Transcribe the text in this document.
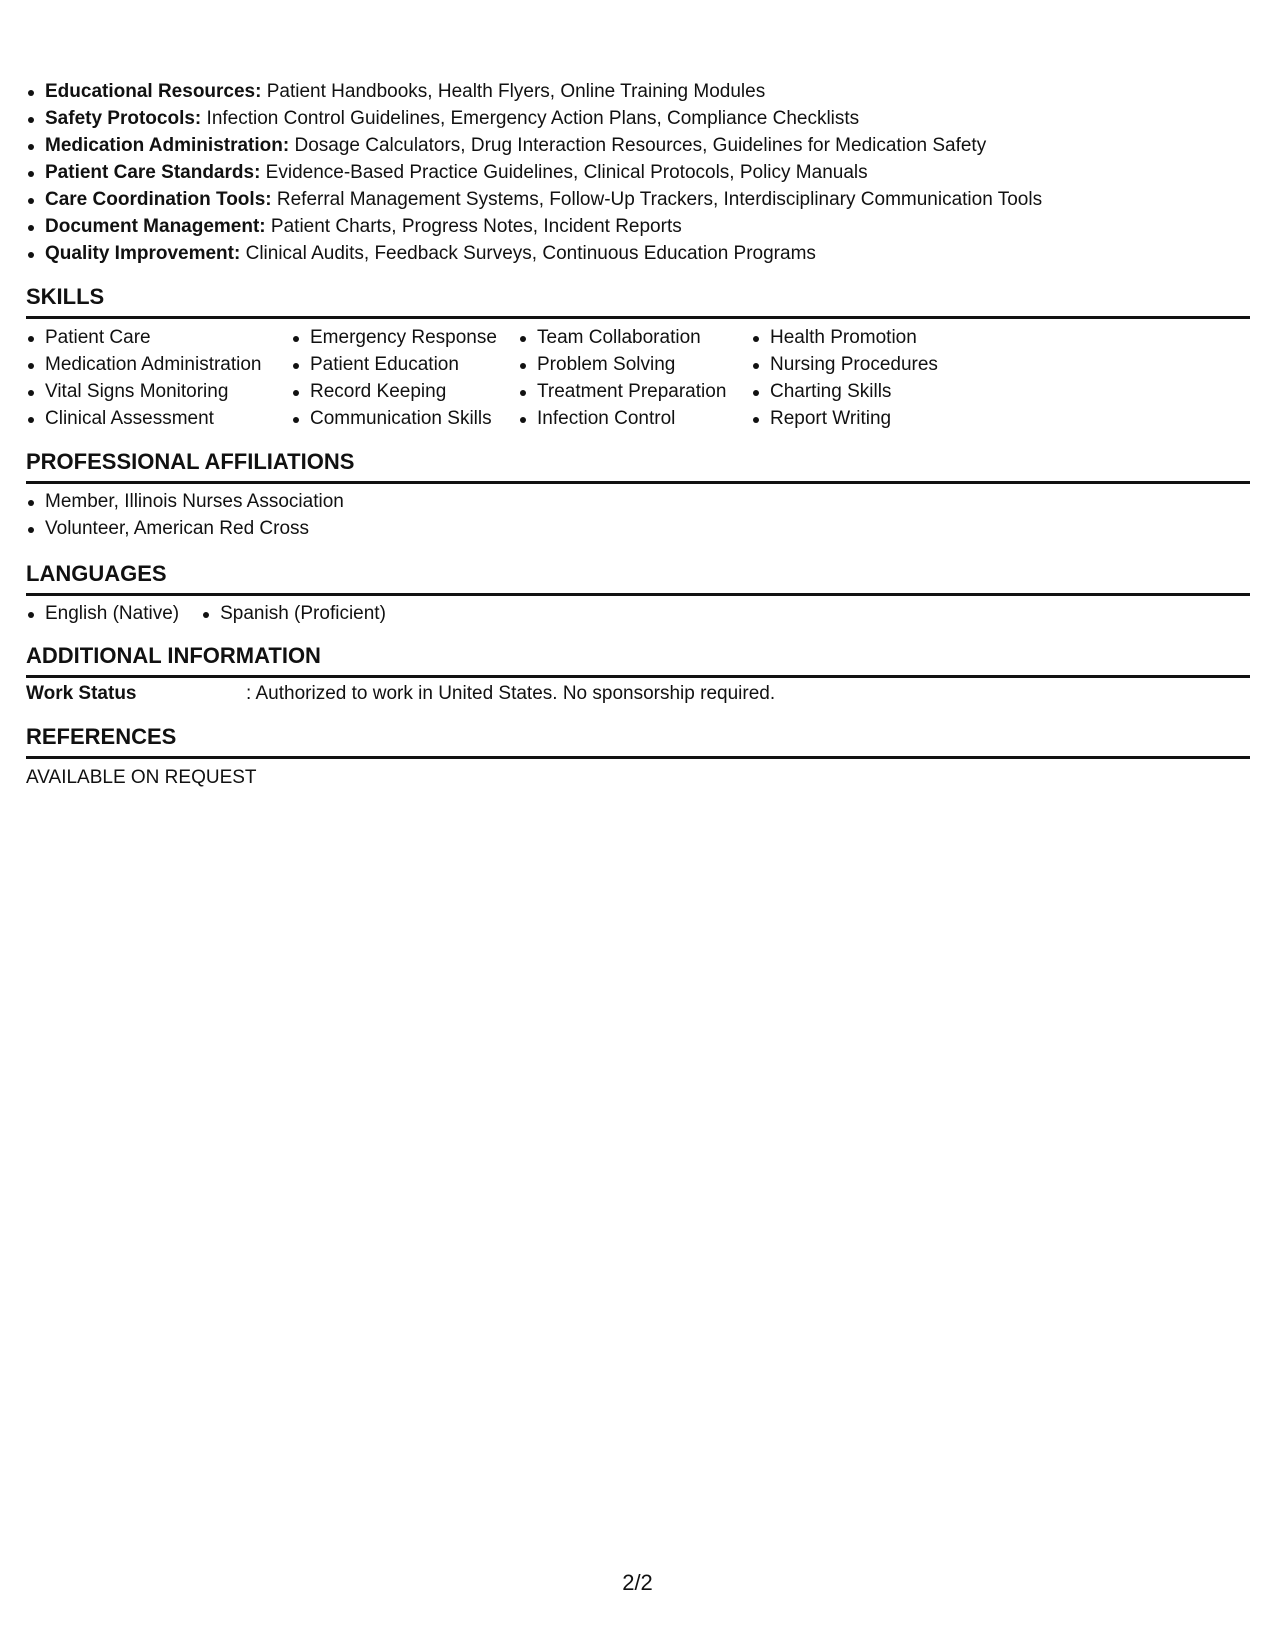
Educational Resources: Patient Handbooks, Health Flyers, Online Training Modules
Safety Protocols: Infection Control Guidelines, Emergency Action Plans, Compliance Checklists
Medication Administration: Dosage Calculators, Drug Interaction Resources, Guidelines for Medication Safety
Patient Care Standards: Evidence-Based Practice Guidelines, Clinical Protocols, Policy Manuals
Care Coordination Tools: Referral Management Systems, Follow-Up Trackers, Interdisciplinary Communication Tools
Document Management: Patient Charts, Progress Notes, Incident Reports
Quality Improvement: Clinical Audits, Feedback Surveys, Continuous Education Programs
SKILLS
Patient Care
Medication Administration
Vital Signs Monitoring
Clinical Assessment
Emergency Response
Patient Education
Record Keeping
Communication Skills
Team Collaboration
Problem Solving
Treatment Preparation
Infection Control
Health Promotion
Nursing Procedures
Charting Skills
Report Writing
PROFESSIONAL AFFILIATIONS
Member, Illinois Nurses Association
Volunteer, American Red Cross
LANGUAGES
English (Native)	Spanish (Proficient)
ADDITIONAL INFORMATION
Work Status	: Authorized to work in United States. No sponsorship required.
REFERENCES
AVAILABLE ON REQUEST
2/2
